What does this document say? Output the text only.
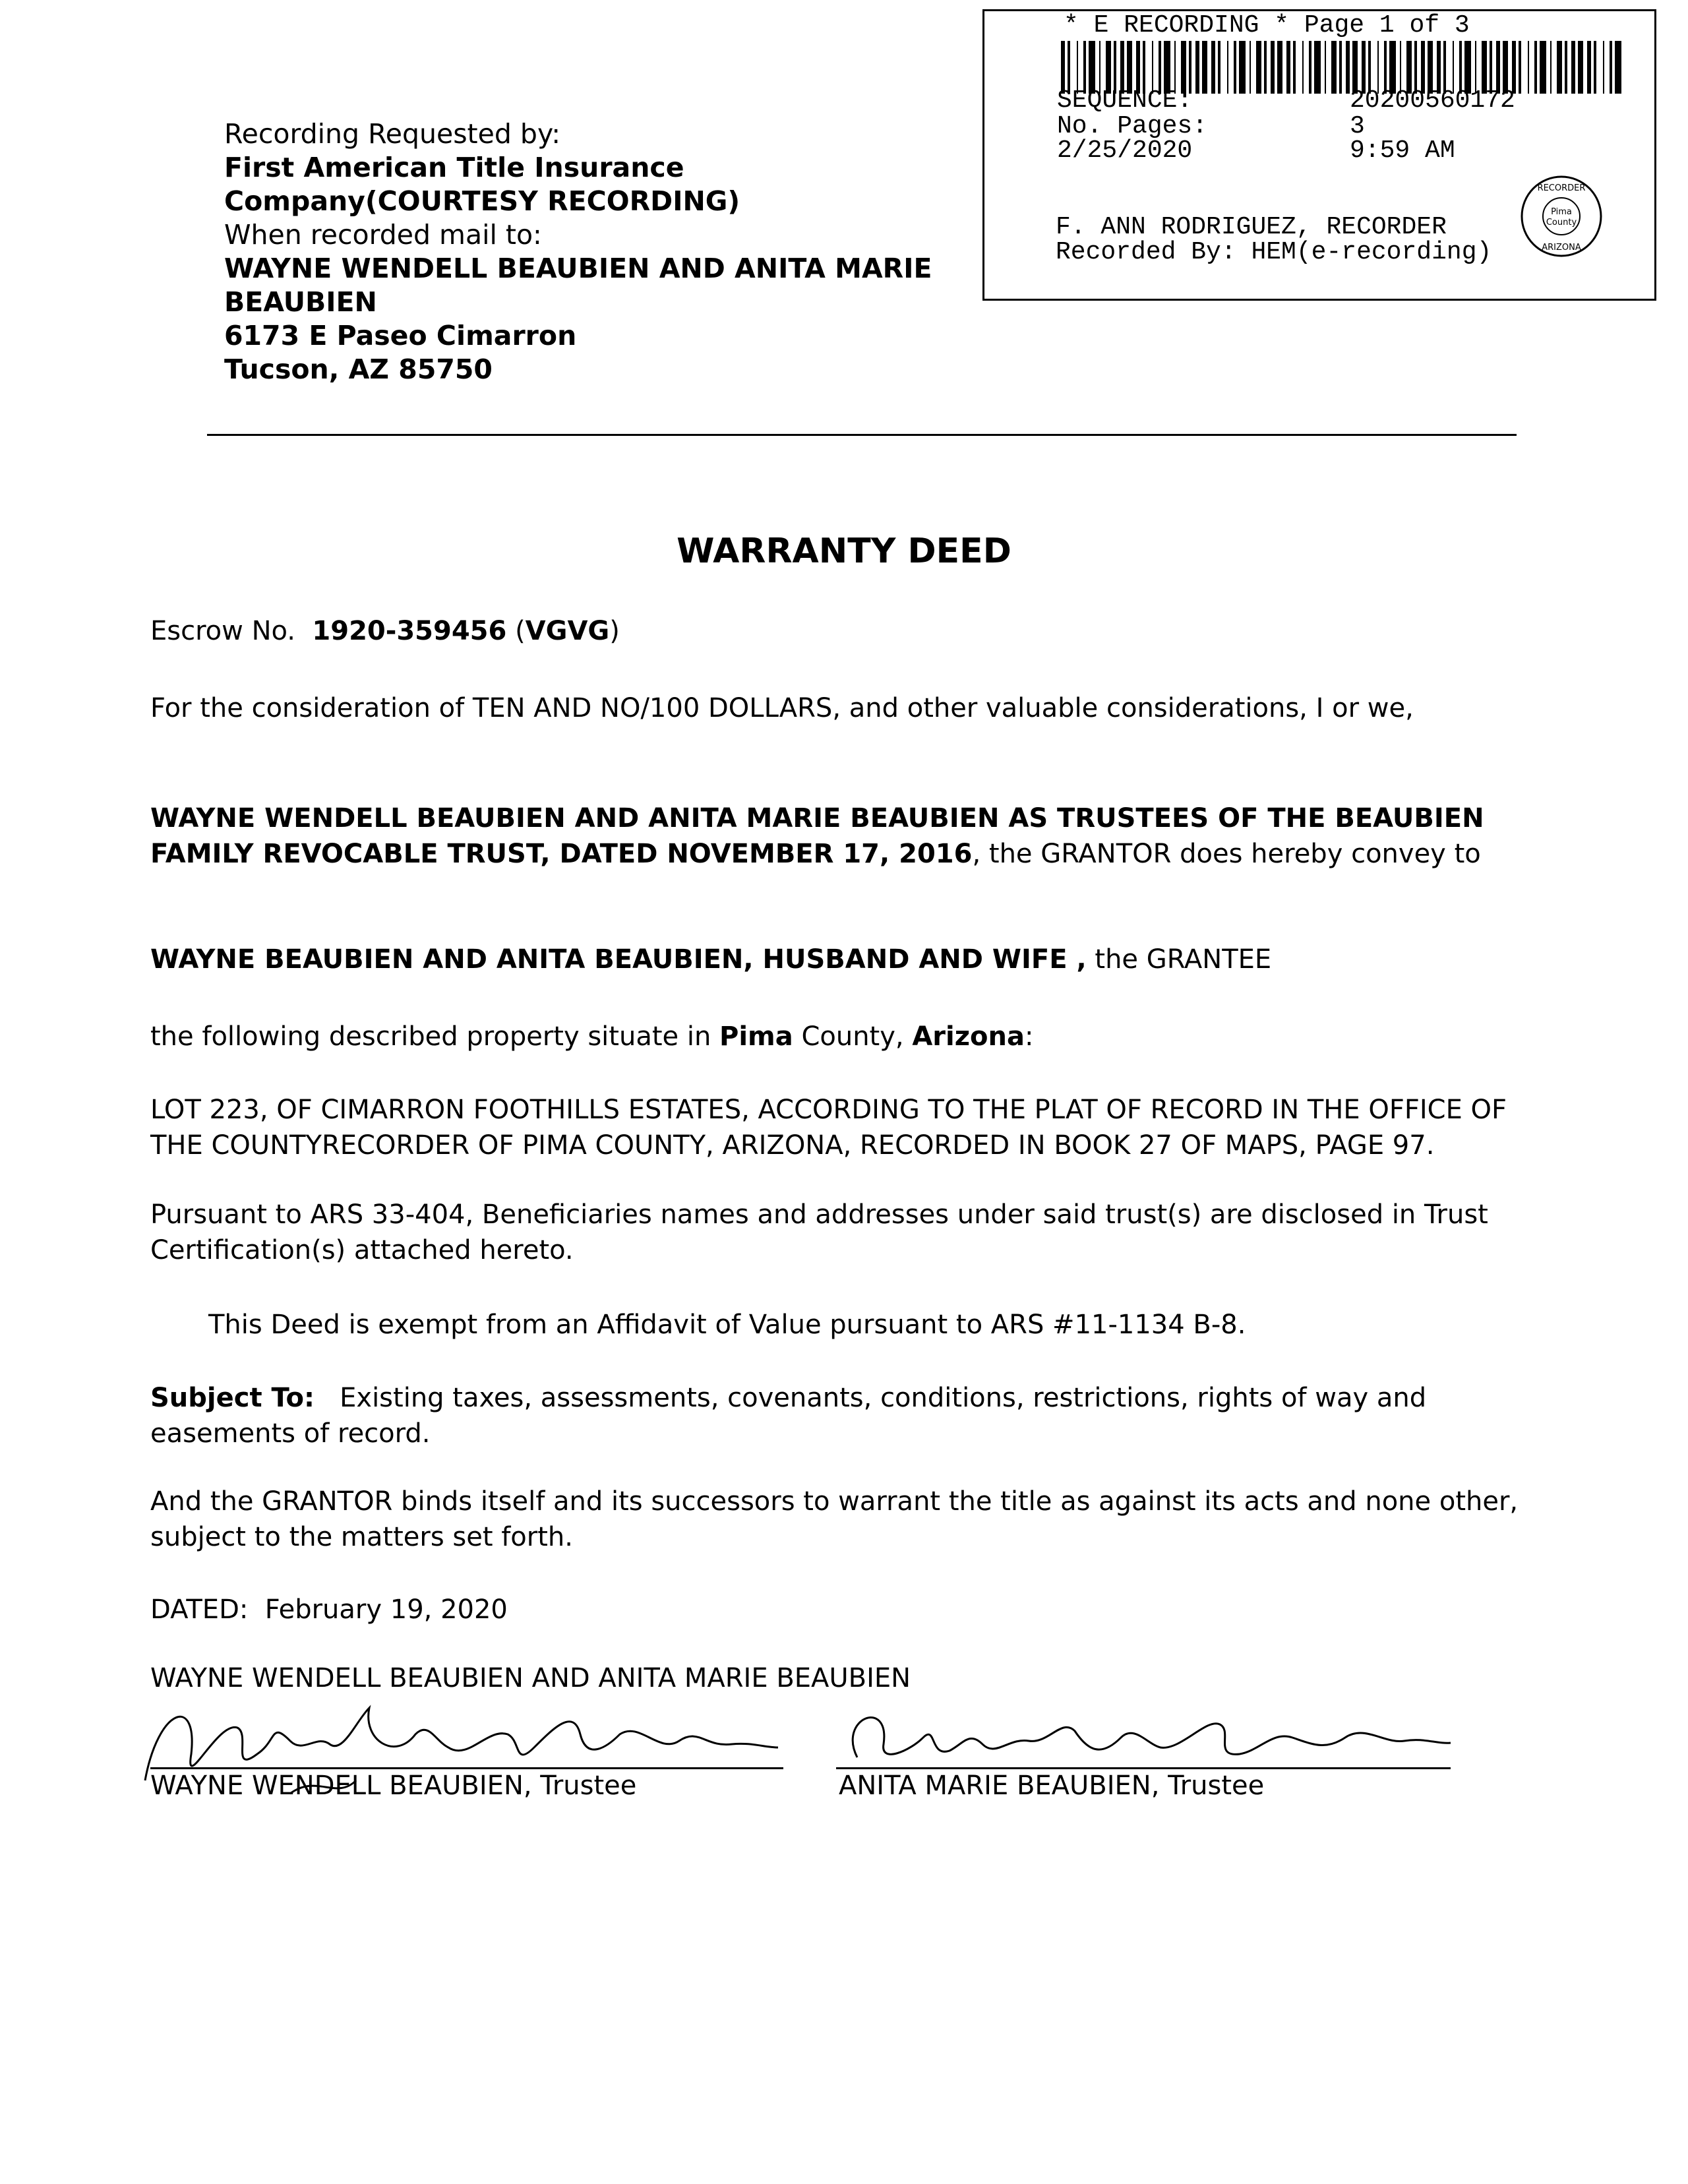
* E RECORDING * Page 1 of 3
SEQUENCE:	20200560172
No. Pages:	3
2/25/2020	9:59 AM
F. ANN RODRIGUEZ, RECORDER
Recorded By: HEM(e-recording)
Pima
County
RECORDER
ARIZONA
Recording Requested by:
First American Title Insurance
Company(COURTESY RECORDING)
When recorded mail to:
WAYNE WENDELL BEAUBIEN AND ANITA MARIE
BEAUBIEN
6173 E Paseo Cimarron
Tucson, AZ 85750
WARRANTY DEED
Escrow No. 1920-359456 (VGVG)
For the consideration of TEN AND NO/100 DOLLARS, and other valuable considerations, I or we,
WAYNE WENDELL BEAUBIEN AND ANITA MARIE BEAUBIEN AS TRUSTEES OF THE BEAUBIEN FAMILY REVOCABLE TRUST, DATED NOVEMBER 17, 2016, the GRANTOR does hereby convey to
WAYNE BEAUBIEN AND ANITA BEAUBIEN, HUSBAND AND WIFE , the GRANTEE
the following described property situate in Pima County, Arizona:
LOT 223, OF CIMARRON FOOTHILLS ESTATES, ACCORDING TO THE PLAT OF RECORD IN THE OFFICE OF THE COUNTYRECORDER OF PIMA COUNTY, ARIZONA, RECORDED IN BOOK 27 OF MAPS, PAGE 97.
Pursuant to ARS 33-404, Beneficiaries names and addresses under said trust(s) are disclosed in Trust Certification(s) attached hereto.
This Deed is exempt from an Affidavit of Value pursuant to ARS #11-1134 B-8.
Subject To: Existing taxes, assessments, covenants, conditions, restrictions, rights of way and easements of record.
And the GRANTOR binds itself and its successors to warrant the title as against its acts and none other, subject to the matters set forth.
DATED: February 19, 2020
WAYNE WENDELL BEAUBIEN AND ANITA MARIE BEAUBIEN
WAYNE WENDELL BEAUBIEN, Trustee	ANITA MARIE BEAUBIEN, Trustee
